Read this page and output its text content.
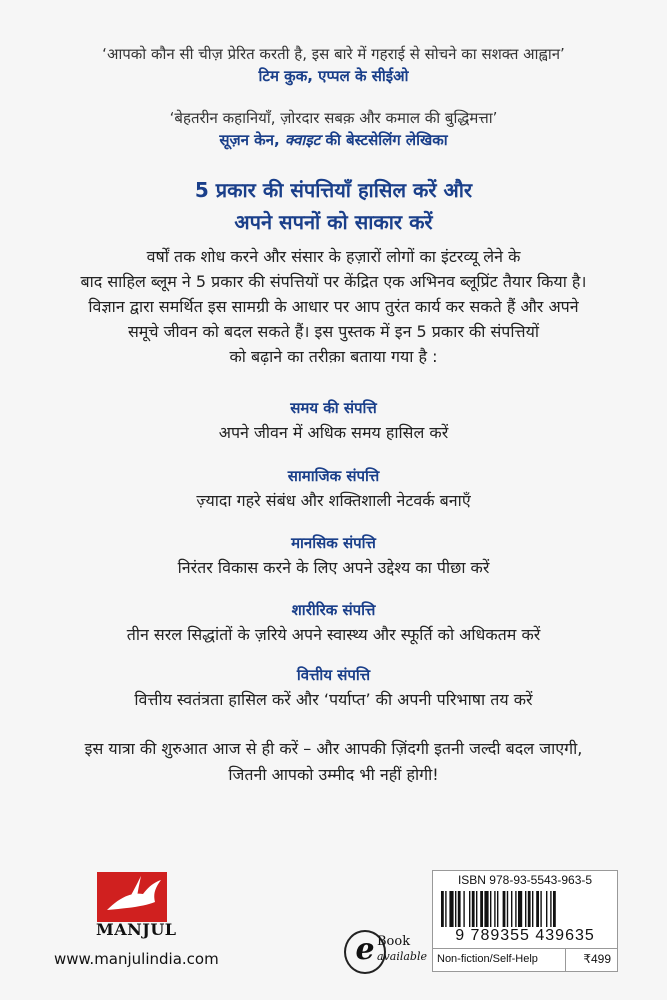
‘आपको कौन सी चीज़ प्रेरित करती है, इस बारे में गहराई से सोचने का सशक्त आह्वान’
टिम कुक, एप्पल के सीईओ
‘बेहतरीन कहानियाँ, ज़ोरदार सबक़ और कमाल की बुद्धिमत्ता’
सूज़न केन, क्वाइट की बेस्टसेलिंग लेखिका
5 प्रकार की संपत्तियाँ हासिल करें और
अपने सपनों को साकार करें
वर्षों तक शोध करने और संसार के हज़ारों लोगों का इंटरव्यू लेने के
बाद साहिल ब्लूम ने 5 प्रकार की संपत्तियों पर केंद्रित एक अभिनव ब्लूप्रिंट तैयार किया है।
विज्ञान द्वारा समर्थित इस सामग्री के आधार पर आप तुरंत कार्य कर सकते हैं और अपने
समूचे जीवन को बदल सकते हैं। इस पुस्तक में इन 5 प्रकार की संपत्तियों
को बढ़ाने का तरीक़ा बताया गया है :
समय की संपत्ति
अपने जीवन में अधिक समय हासिल करें
सामाजिक संपत्ति
ज़्यादा गहरे संबंध और शक्तिशाली नेटवर्क बनाएँ
मानसिक संपत्ति
निरंतर विकास करने के लिए अपने उद्देश्य का पीछा करें
शारीरिक संपत्ति
तीन सरल सिद्धांतों के ज़रिये अपने स्वास्थ्य और स्फूर्ति को अधिकतम करें
वित्तीय संपत्ति
वित्तीय स्वतंत्रता हासिल करें और ‘पर्याप्त’ की अपनी परिभाषा तय करें
इस यात्रा की शुरुआत आज से ही करें – और आपकी ज़िंदगी इतनी जल्दी बदल जाएगी,
जितनी आपको उम्मीद भी नहीं होगी!
MANJUL
www.manjulindia.com	e Book
available
ISBN 978-93-5543-963-5
9 789355 439635
Non-fiction/Self-Help	₹499
